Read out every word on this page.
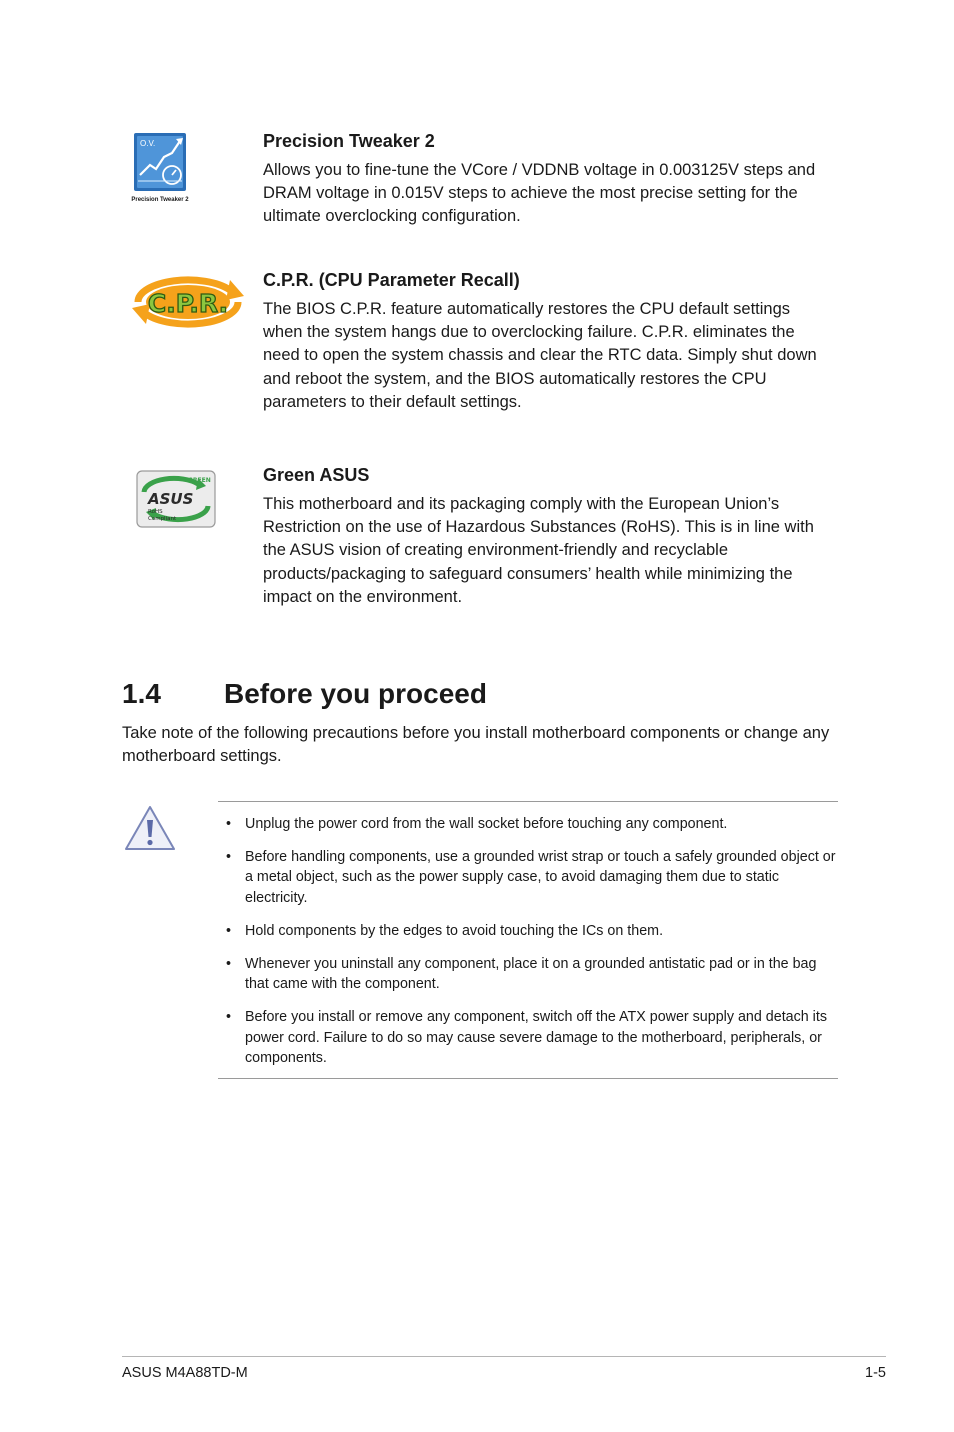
O.V.
Precision Tweaker 2
Precision Tweaker 2

Allows you to fine-tune the VCore / VDDNB voltage in 0.003125V steps and DRAM voltage in 0.015V steps to achieve the most precise setting for the ultimate overclocking configuration.

C.P.R.
C.P.R. (CPU Parameter Recall)

The BIOS C.P.R. feature automatically restores the CPU default settings when the system hangs due to overclocking failure. C.P.R. eliminates the need to open the system chassis and clear the RTC data. Simply shut down and reboot the system, and the BIOS automatically restores the CPU parameters to their default settings.

GREEN
ASUS
RoHS
Compliant
Green ASUS

This motherboard and its packaging comply with the European Union’s Restriction on the use of Hazardous Substances (RoHS). This is in line with the ASUS vision of creating environment-friendly and recyclable products/packaging to safeguard consumers’ health while minimizing the impact on the environment.

1.4 Before you proceed

Take note of the following precautions before you install motherboard components or change any motherboard settings.

• Unplug the power cord from the wall socket before touching any component.
• Before handling components, use a grounded wrist strap or touch a safely grounded object or a metal object, such as the power supply case, to avoid damaging them due to static electricity.
• Hold components by the edges to avoid touching the ICs on them.
• Whenever you uninstall any component, place it on a grounded antistatic pad or in the bag that came with the component.
• Before you install or remove any component, switch off the ATX power supply and detach its power cord. Failure to do so may cause severe damage to the motherboard, peripherals, or components.
ASUS M4A88TD-M	1-5
